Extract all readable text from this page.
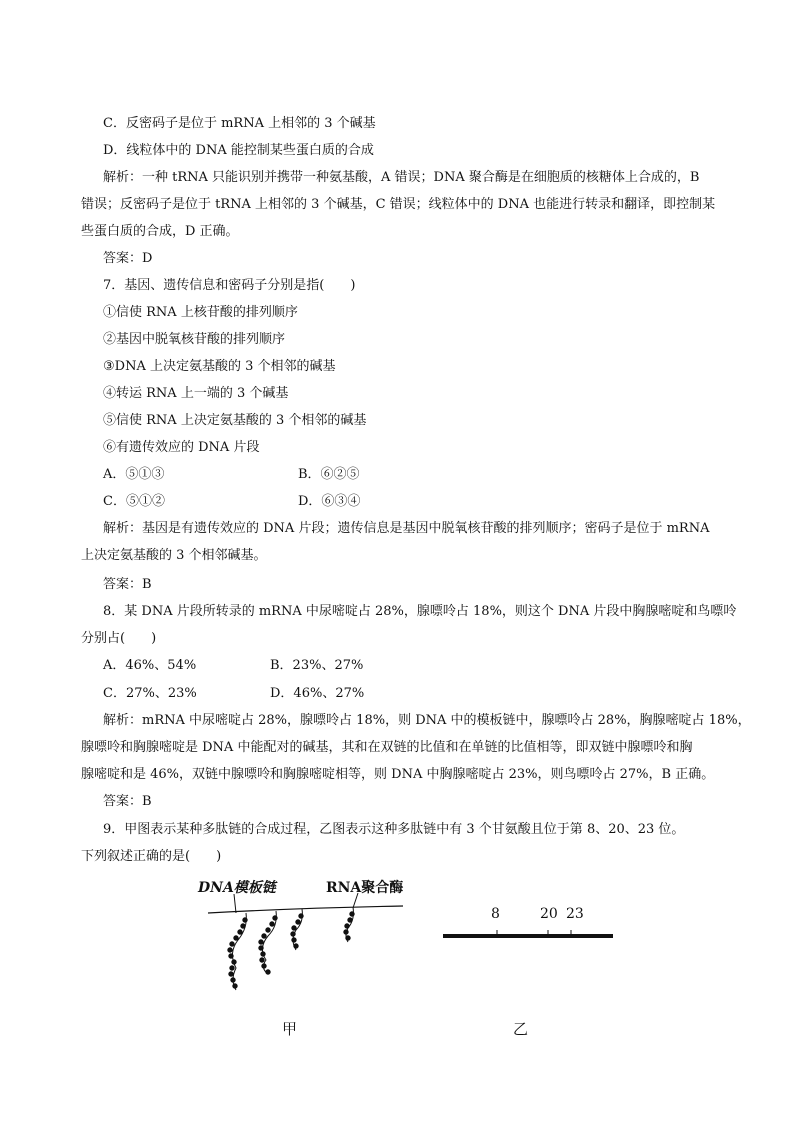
C．反密码子是位于 mRNA 上相邻的 3 个碱基
D．线粒体中的 DNA 能控制某些蛋白质的合成
解析：一种 tRNA 只能识别并携带一种氨基酸，A 错误；DNA 聚合酶是在细胞质的核糖体上合成的，B
错误；反密码子是位于 tRNA 上相邻的 3 个碱基，C 错误；线粒体中的 DNA 也能进行转录和翻译，即控制某
些蛋白质的合成，D 正确。
答案：D
7．基因、遗传信息和密码子分别是指(　　)
①信使 RNA 上核苷酸的排列顺序
②基因中脱氧核苷酸的排列顺序
③DNA 上决定氨基酸的 3 个相邻的碱基
④转运 RNA 上一端的 3 个碱基
⑤信使 RNA 上决定氨基酸的 3 个相邻的碱基
⑥有遗传效应的 DNA 片段
A．⑤①③	B．⑥②⑤
C．⑤①②	D．⑥③④
解析：基因是有遗传效应的 DNA 片段；遗传信息是基因中脱氧核苷酸的排列顺序；密码子是位于 mRNA
上决定氨基酸的 3 个相邻碱基。
答案：B
8．某 DNA 片段所转录的 mRNA 中尿嘧啶占 28%，腺嘌呤占 18%，则这个 DNA 片段中胸腺嘧啶和鸟嘌呤
分别占(　　)
A．46%、54%	B．23%、27%
C．27%、23%	D．46%、27%
解析：mRNA 中尿嘧啶占 28%，腺嘌呤占 18%，则 DNA 中的模板链中，腺嘌呤占 28%，胸腺嘧啶占 18%，
腺嘌呤和胸腺嘧啶是 DNA 中能配对的碱基，其和在双链的比值和在单链的比值相等，即双链中腺嘌呤和胸
腺嘧啶和是 46%，双链中腺嘌呤和胸腺嘧啶相等，则 DNA 中胸腺嘧啶占 23%，则鸟嘌呤占 27%，B 正确。
答案：B
9．甲图表示某种多肽链的合成过程，乙图表示这种多肽链中有 3 个甘氨酸且位于第 8、20、23 位。
下列叙述正确的是(　　)
DNA模板链	RNA聚合酶
甲
8	20 23
乙
